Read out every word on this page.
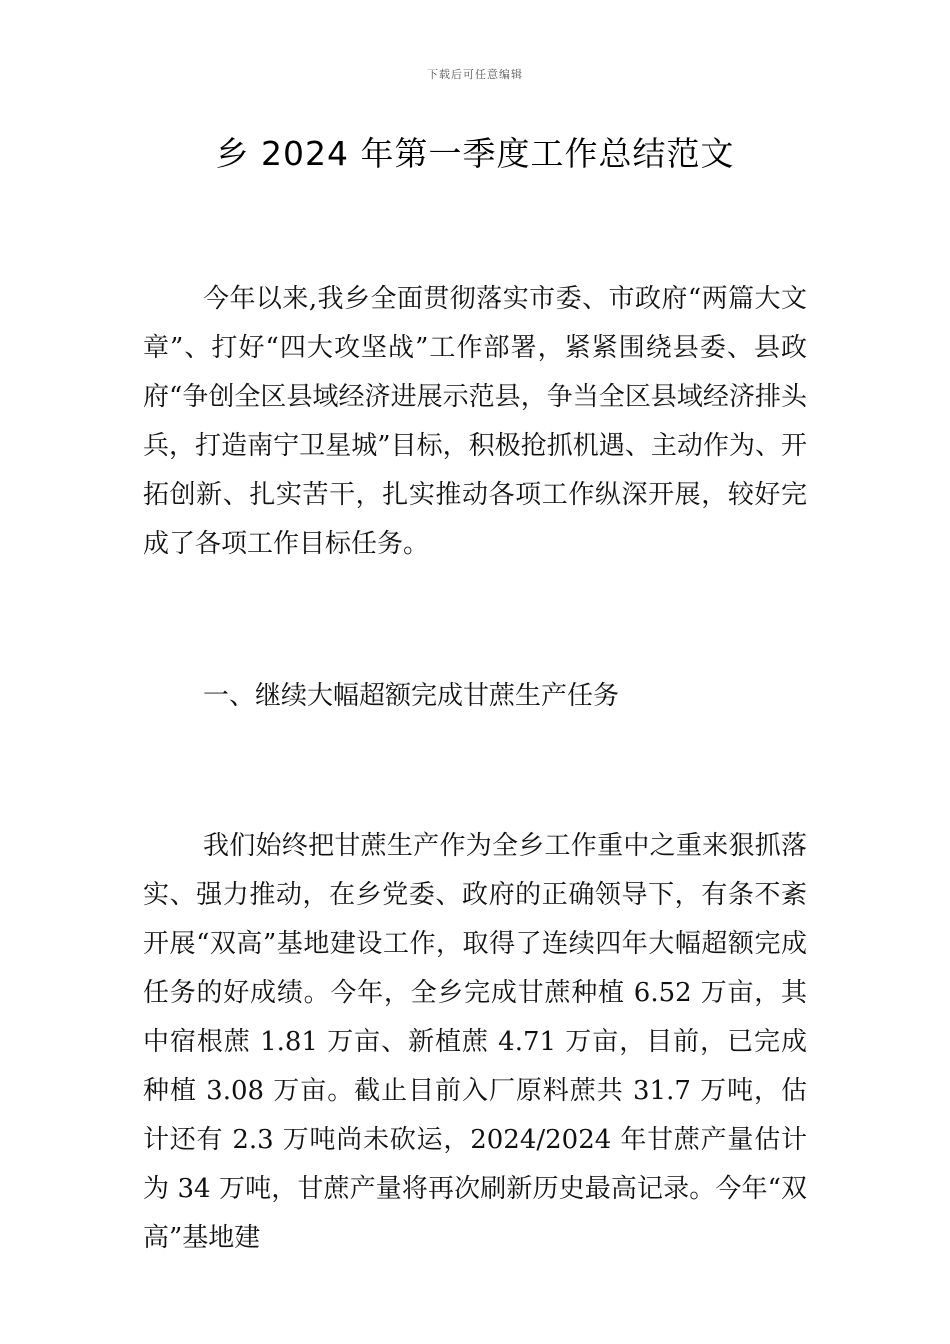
下载后可任意编辑
乡 2024 年第一季度工作总结范文

今年以来,我乡全面贯彻落实市委、市政府“两篇大文章”、打好“四大攻坚战”工作部署，紧紧围绕县委、县政府“争创全区县域经济进展示范县，争当全区县域经济排头兵，打造南宁卫星城”目标，积极抢抓机遇、主动作为、开拓创新、扎实苦干，扎实推动各项工作纵深开展，较好完成了各项工作目标任务。

一、继续大幅超额完成甘蔗生产任务

我们始终把甘蔗生产作为全乡工作重中之重来狠抓落实、强力推动，在乡党委、政府的正确领导下，有条不紊开展“双高”基地建设工作，取得了连续四年大幅超额完成任务的好成绩。今年，全乡完成甘蔗种植 6.52 万亩，其中宿根蔗 1.81 万亩、新植蔗 4.71 万亩，目前，已完成种植 3.08 万亩。截止目前入厂原料蔗共 31.7 万吨，估计还有 2.3 万吨尚未砍运，2024/2024 年甘蔗产量估计为 34 万吨，甘蔗产量将再次刷新历史最高记录。今年“双高”基地建
